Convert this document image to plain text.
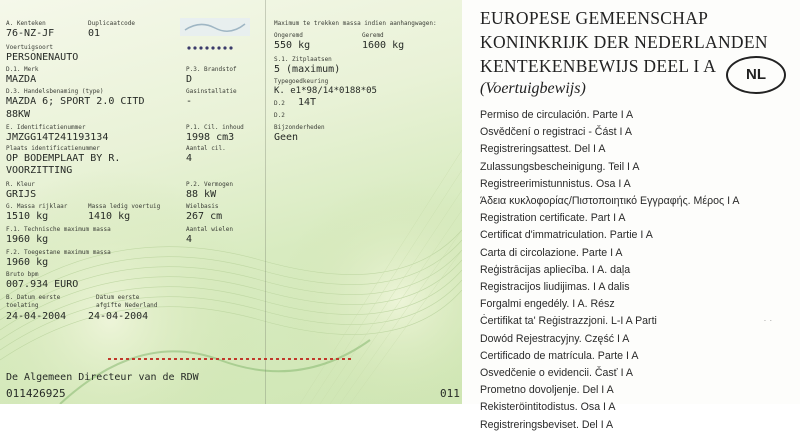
A. Kenteken
76-NZ-JF
Voertuigsoort
PERSONENAUTO
D.1. Merk
MAZDA
D.3. Handelsbenaming (type)
MAZDA 6; SPORT 2.0 CITD
88KW
E. Identificatienummer
JMZGG14T241193134
Plaats identificatienummer
OP BODEMPLAAT BY R.
VOORZITTING
R. Kleur
GRIJS
G. Massa rijklaar
1510 kg
F.1. Technische maximum massa
1960 kg
F.2. Toegestane maximum massa
1960 kg
Bruto bpm
007.934 EURO
B. Datum eerste
toelating
24-04-2004
Duplicaatcode
01
P.3. Brandstof
D
Gasinstallatie
-
P.1. Cil. inhoud
1998 cm3
Aantal cil.
4
P.2. Vermogen
88 kW
Massa ledig voertuig
1410 kg
Wielbasis
267 cm
Aantal wielen
4
Datum eerste
afgifte Nederland
24-04-2004
Maximum te trekken massa indien aanhangwagen:
Ongeremd
550 kg
Geremd
1600 kg
S.1. Zitplaatsen
5 (maximum)
Typegoedkeuring
K. e1*98/14*0188*05
D.2 14T
D.2
Bijzonderheden
Geen
De Algemeen Directeur van de RDW
011426925	011
EUROPESE GEMEENSCHAP
KONINKRIJK DER NEDERLANDEN
KENTEKENBEWIJS DEEL I A
(Voertuigbewijs)
NL
Permiso de circulación. Parte I A
Osvědčení o registraci - Část I A
Registreringsattest. Del I A
Zulassungsbescheinigung. Teil I A
Registreerimistunnistus. Osa I A
Άδεια κυκλοφορίας/Πιστοποιητικό Εγγραφής. Μέρος I A
Registration certificate. Part I A
Certificat d'immatriculation. Partie I A
Carta di circolazione. Parte I A
Reģistrācijas apliecība. I A. daļa
Registracijos liudijimas. I A dalis
Forgalmi engedély. I A. Rész
Ċertifikat ta' Reġistrazzjoni. L-I A Parti
Dowód Rejestracyjny. Część I A
Certificado de matrícula. Parte I A
Osvedčenie o evidencii. Časť I A
Prometno dovoljenje. Del I A
Rekisteröintitodistus. Osa I A
Registreringsbeviset. Del I A
. .
